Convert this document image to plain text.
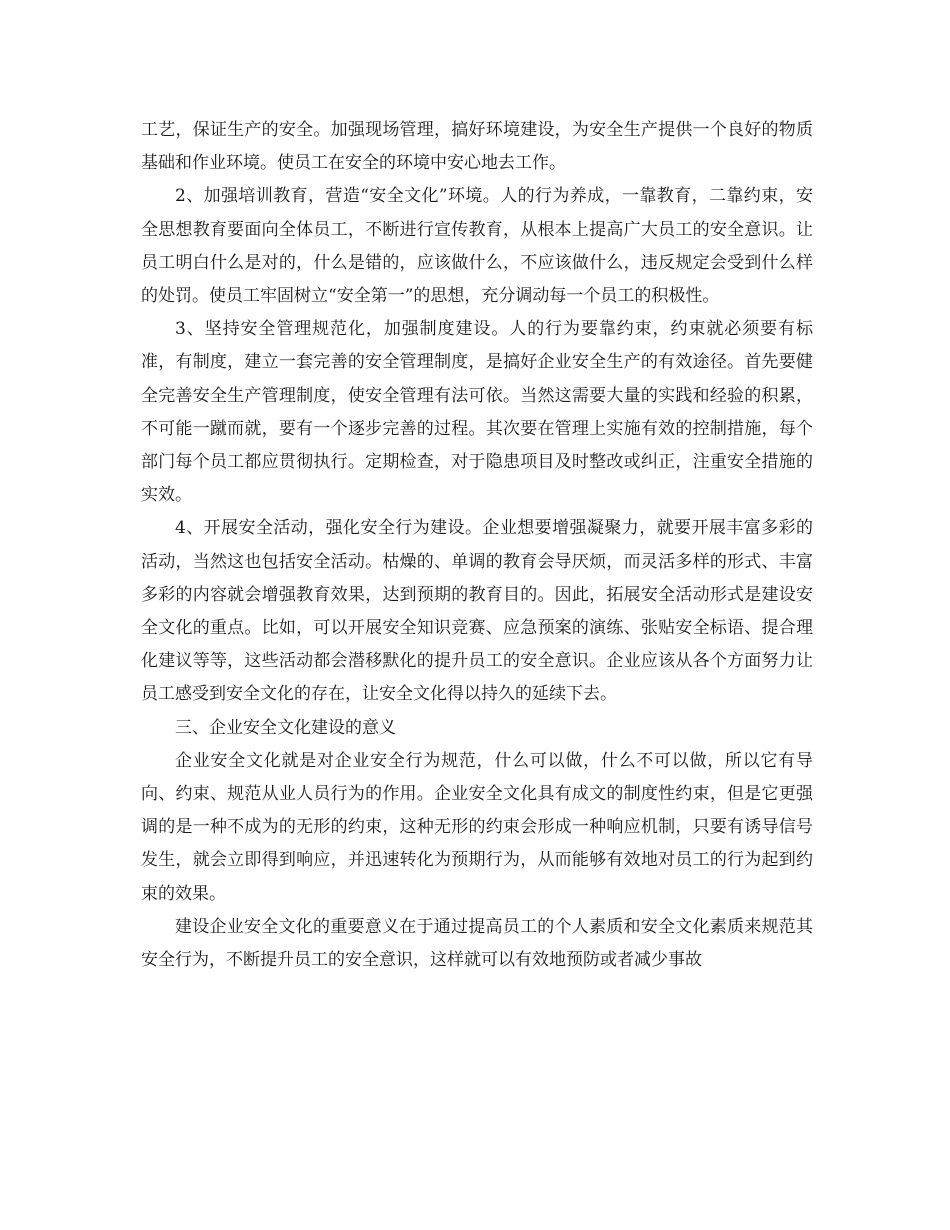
工艺，保证生产的安全。加强现场管理，搞好环境建设，为安全生产提供一个良好的物质基础和作业环境。使员工在安全的环境中安心地去工作。

2、加强培训教育，营造“安全文化”环境。人的行为养成，一靠教育，二靠约束，安全思想教育要面向全体员工，不断进行宣传教育，从根本上提高广大员工的安全意识。让员工明白什么是对的，什么是错的，应该做什么，不应该做什么，违反规定会受到什么样的处罚。使员工牢固树立“安全第一”的思想，充分调动每一个员工的积极性。

3、坚持安全管理规范化，加强制度建设。人的行为要靠约束，约束就必须要有标准，有制度，建立一套完善的安全管理制度，是搞好企业安全生产的有效途径。首先要健全完善安全生产管理制度，使安全管理有法可依。当然这需要大量的实践和经验的积累，不可能一蹴而就，要有一个逐步完善的过程。其次要在管理上实施有效的控制措施，每个部门每个员工都应贯彻执行。定期检查，对于隐患项目及时整改或纠正，注重安全措施的实效。

4、开展安全活动，强化安全行为建设。企业想要增强凝聚力，就要开展丰富多彩的活动，当然这也包括安全活动。枯燥的、单调的教育会导厌烦，而灵活多样的形式、丰富多彩的内容就会增强教育效果，达到预期的教育目的。因此，拓展安全活动形式是建设安全文化的重点。比如，可以开展安全知识竞赛、应急预案的演练、张贴安全标语、提合理化建议等等，这些活动都会潜移默化的提升员工的安全意识。企业应该从各个方面努力让员工感受到安全文化的存在，让安全文化得以持久的延续下去。

三、企业安全文化建设的意义

企业安全文化就是对企业安全行为规范，什么可以做，什么不可以做，所以它有导向、约束、规范从业人员行为的作用。企业安全文化具有成文的制度性约束，但是它更强调的是一种不成为的无形的约束，这种无形的约束会形成一种响应机制，只要有诱导信号发生，就会立即得到响应，并迅速转化为预期行为，从而能够有效地对员工的行为起到约束的效果。

建设企业安全文化的重要意义在于通过提高员工的个人素质和安全文化素质来规范其安全行为，不断提升员工的安全意识，这样就可以有效地预防或者减少事故
